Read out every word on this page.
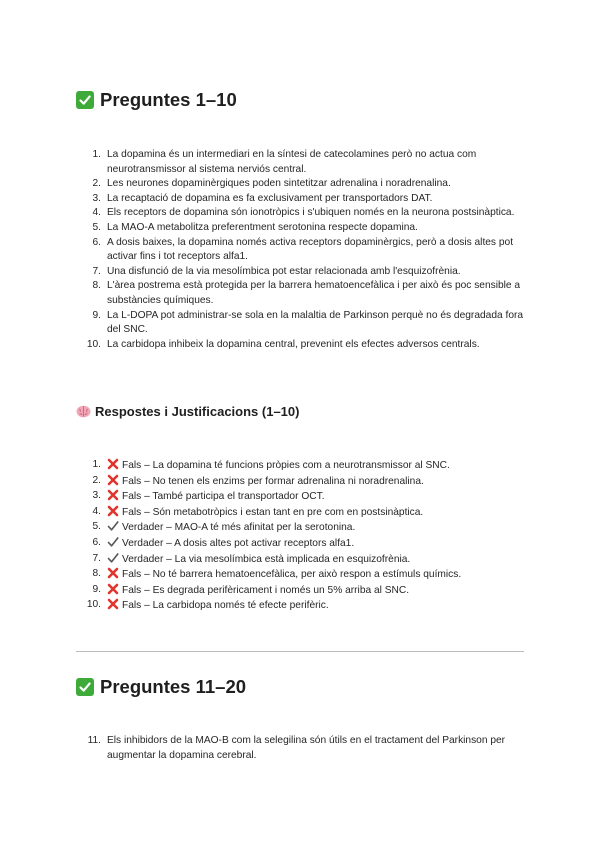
Preguntes 1–10
1. La dopamina és un intermediari en la síntesi de catecolamines però no actua com neurotransmissor al sistema nerviós central.
2. Les neurones dopaminèrgiques poden sintetitzar adrenalina i noradrenalina.
3. La recaptació de dopamina es fa exclusivament per transportadors DAT.
4. Els receptors de dopamina són ionotròpics i s'ubiquen només en la neurona postsinàptica.
5. La MAO-A metabolitza preferentment serotonina respecte dopamina.
6. A dosis baixes, la dopamina només activa receptors dopaminèrgics, però a dosis altes pot activar fins i tot receptors alfa1.
7. Una disfunció de la via mesolímbica pot estar relacionada amb l'esquizofrènia.
8. L'àrea postrema està protegida per la barrera hematoencefàlica i per això és poc sensible a substàncies químiques.
9. La L-DOPA pot administrar-se sola en la malaltia de Parkinson perquè no és degradada fora del SNC.
10. La carbidopa inhibeix la dopamina central, prevenint els efectes adversos centrals.
Respostes i Justificacions (1–10)
1. Fals – La dopamina té funcions pròpies com a neurotransmissor al SNC.
2. Fals – No tenen els enzims per formar adrenalina ni noradrenalina.
3. Fals – També participa el transportador OCT.
4. Fals – Són metabotròpics i estan tant en pre com en postsinàptica.
5. Verdader – MAO-A té més afinitat per la serotonina.
6. Verdader – A dosis altes pot activar receptors alfa1.
7. Verdader – La via mesolímbica està implicada en esquizofrènia.
8. Fals – No té barrera hematoencefàlica, per això respon a estímuls químics.
9. Fals – Es degrada perifèricament i només un 5% arriba al SNC.
10. Fals – La carbidopa només té efecte perifèric.
Preguntes 11–20
11. Els inhibidors de la MAO-B com la selegilina són útils en el tractament del Parkinson per augmentar la dopamina cerebral.
